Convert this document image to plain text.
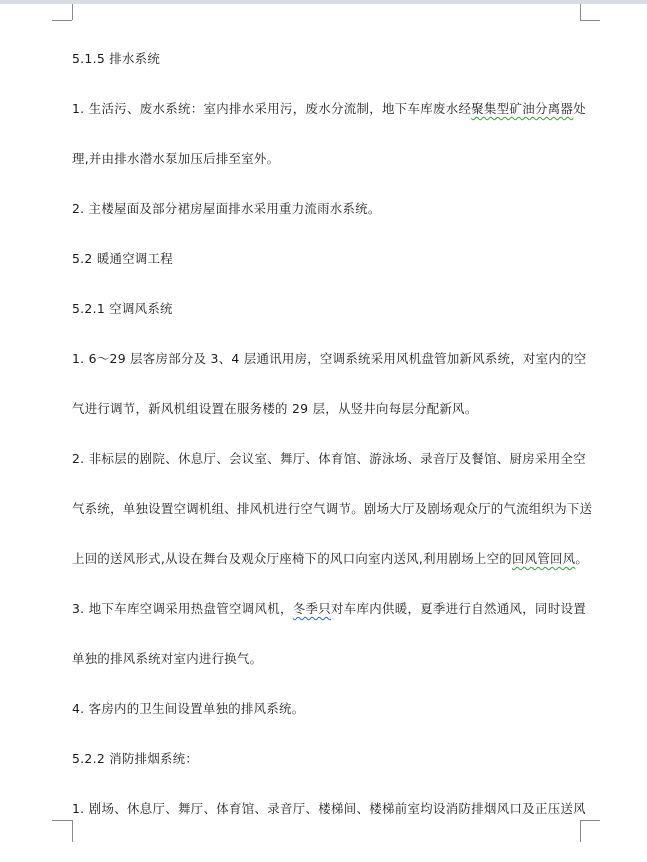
5.1.5 排水系统
1. 生活污、废水系统：室内排水采用污，废水分流制，地下车库废水经聚集型矿油分离器处
理,并由排水潜水泵加压后排至室外。
2. 主楼屋面及部分裙房屋面排水采用重力流雨水系统。
5.2 暖通空调工程
5.2.1 空调风系统
1. 6～29 层客房部分及 3、4 层通讯用房，空调系统采用风机盘管加新风系统，对室内的空
气进行调节，新风机组设置在服务楼的 29 层，从竖井向每层分配新风。
2. 非标层的剧院、休息厅、会议室、舞厅、体育馆、游泳场、录音厅及餐馆、厨房采用全空
气系统，单独设置空调机组、排风机进行空气调节。剧场大厅及剧场观众厅的气流组织为下送
上回的送风形式,从设在舞台及观众厅座椅下的风口向室内送风,利用剧场上空的回风管回风。
3. 地下车库空调采用热盘管空调风机，冬季只对车库内供暖，夏季进行自然通风，同时设置
单独的排风系统对室内进行换气。
4. 客房内的卫生间设置单独的排风系统。
5.2.2 消防排烟系统：
1. 剧场、休息厅、舞厅、体育馆、录音厅、楼梯间、楼梯前室均设消防排烟风口及正压送风
